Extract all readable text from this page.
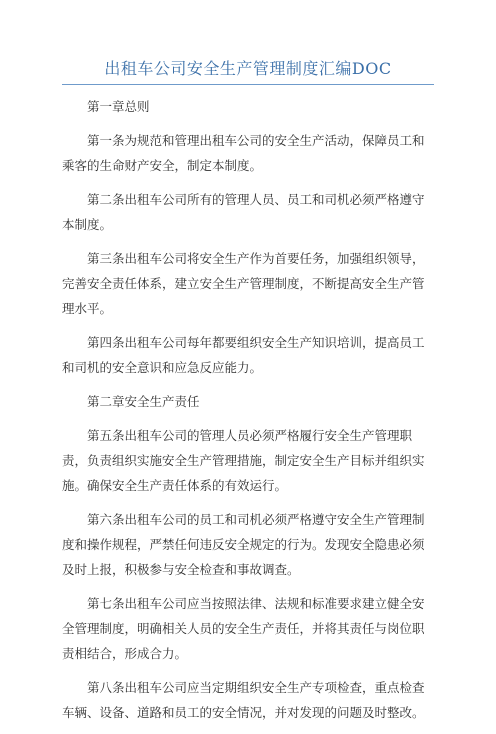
出租车公司安全生产管理制度汇编DOC

第一章总则

第一条为规范和管理出租车公司的安全生产活动，保障员工和乘客的生命财产安全，制定本制度。

第二条出租车公司所有的管理人员、员工和司机必须严格遵守本制度。

第三条出租车公司将安全生产作为首要任务，加强组织领导，完善安全责任体系，建立安全生产管理制度，不断提高安全生产管理水平。

第四条出租车公司每年都要组织安全生产知识培训，提高员工和司机的安全意识和应急反应能力。

第二章安全生产责任

第五条出租车公司的管理人员必须严格履行安全生产管理职责，负责组织实施安全生产管理措施，制定安全生产目标并组织实施。确保安全生产责任体系的有效运行。

第六条出租车公司的员工和司机必须严格遵守安全生产管理制度和操作规程，严禁任何违反安全规定的行为。发现安全隐患必须及时上报，积极参与安全检查和事故调查。

第七条出租车公司应当按照法律、法规和标准要求建立健全安全管理制度，明确相关人员的安全生产责任，并将其责任与岗位职责相结合，形成合力。

第八条出租车公司应当定期组织安全生产专项检查，重点检查车辆、设备、道路和员工的安全情况，并对发现的问题及时整改。
